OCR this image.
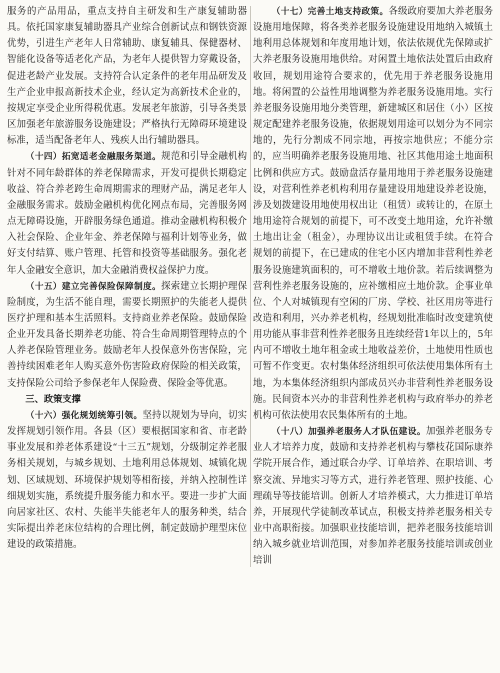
服务的产品用品，重点支持自主研发和生产康复辅助器具。依托国家康复辅助器具产业综合创新试点和钢铁资源优势，引进生产老年人日常辅助、康复辅具、保健器材、智能化设备等适老化产品，为老年人提供智力穿戴设备，促进老龄产业发展。支持符合认定条件的老年用品研发及生产企业申报高新技术企业，经认定为高新技术企业的，按规定享受企业所得税优惠。发展老年旅游，引导各类景区加强老年旅游服务设施建设；严格执行无障碍环境建设标准，适当配备老年人、残疾人出行辅助器具。

（十四）拓宽适老金融服务渠道。规范和引导金融机构针对不同年龄群体的养老保障需求，开发可提供长期稳定收益、符合养老跨生命周期需求的理财产品，满足老年人金融服务需求。鼓励金融机构优化网点布局，完善服务网点无障碍设施，开辟服务绿色通道。推动金融机构积极介入社会保险、企业年金、养老保障与福利计划等业务，做好支付结算、账户管理、托管和投资等基础服务。强化老年人金融安全意识，加大金融消费权益保护力度。

（十五）建立完善保险保障制度。探索建立长期护理保险制度，为生活不能自理，需要长期照护的失能老人提供医疗护理和基本生活照料。支持商业养老保险。鼓励保险企业开发具备长期养老功能、符合生命周期管理特点的个人养老保险管理业务。鼓励老年人投保意外伤害保险，完善持续困难老年人购买意外伤害险政府保险的相关政策，支持保险公司给予参保老年人保险费、保险金等优惠。

三、政策支撑

（十六）强化规划统筹引领。坚持以规划为导向，切实发挥规划引领作用。各县（区）要根据国家和省、市老龄事业发展和养老体系建设“十三五”规划，分级制定养老服务相关规划，与城乡规划、土地利用总体规划、城镇化规划、区域规划、环境保护规划等相衔接，并纳入控制性详细规划实施，系统提升服务能力和水平。要进一步扩大面向居家社区、农村、失能半失能老年人的服务种类，结合实际提出养老床位结构的合理比例，制定鼓励护理型床位建设的政策措施。

（十七）完善土地支持政策。各级政府要加大养老服务设施用地保障，将各类养老服务设施建设用地纳入城镇土地利用总体规划和年度用地计划，依法依规优先保障或扩大养老服务设施用地供给。对闲置土地依法处置后由政府收回，规划用途符合要求的，优先用于养老服务设施用地。将闲置的公益性用地调整为养老服务设施用地。实行养老服务设施用地分类管理，新建城区和居住（小）区按规定配建养老服务设施，依据规划用途可以划分为不同宗地的，先行分割成不同宗地，再按宗地供应；不能分宗的，应当明确养老服务设施用地、社区其他用途土地面积比例和供应方式。鼓励盘活存量用地用于养老服务设施建设，对营利性养老机构利用存量建设用地建设养老设施，涉及划拨建设用地使用权出让（租赁）或转让的，在原土地用途符合规划的前提下，可不改变土地用途，允许补缴土地出让金（租金），办理协议出让或租赁手续。在符合规划的前提下，在已建成的住宅小区内增加非营利性养老服务设施建筑面积的，可不增收土地价款。若后续调整为营利性养老服务设施的，应补缴相应土地价款。企事业单位、个人对城镇现有空闲的厂房、学校、社区用房等进行改造和利用，兴办养老机构，经规划批准临时改变建筑使用功能从事非营利性养老服务且连续经营1年以上的，5年内可不增收土地年租金或土地收益差价，土地使用性质也可暂不作变更。农村集体经济组织可依法使用集体所有土地，为本集体经济组织内部成员兴办非营利性养老服务设施。民间资本兴办的非营利性养老机构与政府举办的养老机构可依法使用农民集体所有的土地。

（十八）加强养老服务人才队伍建设。加强养老服务专业人才培养力度，鼓励和支持养老机构与攀枝花国际康养学院开展合作，通过联合办学、订单培养、在职培训、考察交流、异地实习等方式，进行养老管理、照护技能、心理疏导等技能培训。创新人才培养模式，大力推进订单培养，开展现代学徒制改革试点，积极支持养老服务相关专业中高职衔接。加强职业技能培训，把养老服务技能培训纳入城乡就业培训范围，对参加养老服务技能培训或创业培训
